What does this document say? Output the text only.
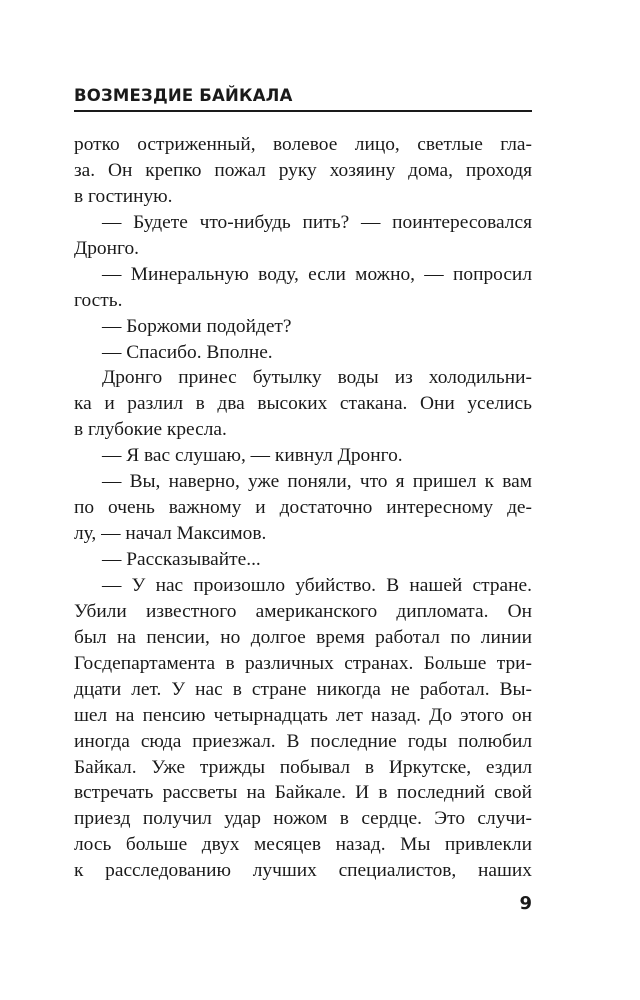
ВОЗМЕЗДИЕ БАЙКАЛА
ротко остриженный, волевое лицо, светлые гла-
за. Он крепко пожал руку хозяину дома, проходя
в гостиную.
— Будете что-нибудь пить? — поинтересовался
Дронго.
— Минеральную воду, если можно, — попросил
гость.
— Боржоми подойдет?
— Спасибо. Вполне.
Дронго принес бутылку воды из холодильни-
ка и разлил в два высоких стакана. Они уселись
в глубокие кресла.
— Я вас слушаю, — кивнул Дронго.
— Вы, наверно, уже поняли, что я пришел к вам
по очень важному и достаточно интересному де-
лу, — начал Максимов.
— Рассказывайте...
— У нас произошло убийство. В нашей стране.
Убили известного американского дипломата. Он
был на пенсии, но долгое время работал по линии
Госдепартамента в различных странах. Больше три-
дцати лет. У нас в стране никогда не работал. Вы-
шел на пенсию четырнадцать лет назад. До этого он
иногда сюда приезжал. В последние годы полюбил
Байкал. Уже трижды побывал в Иркутске, ездил
встречать рассветы на Байкале. И в последний свой
приезд получил удар ножом в сердце. Это случи-
лось больше двух месяцев назад. Мы привлекли
к расследованию лучших специалистов, наших
9
